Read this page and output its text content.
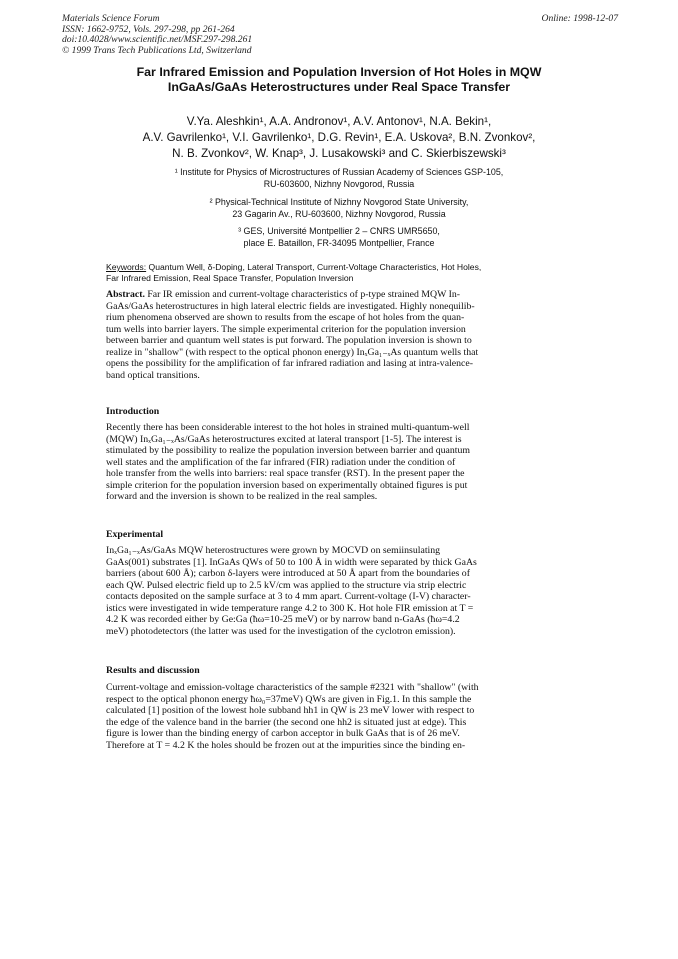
Materials Science Forum
ISSN: 1662-9752, Vols. 297-298, pp 261-264
doi:10.4028/www.scientific.net/MSF.297-298.261
© 1999 Trans Tech Publications Ltd, Switzerland
Online: 1998-12-07
Far Infrared Emission and Population Inversion of Hot Holes in MQW
InGaAs/GaAs Heterostructures under Real Space Transfer
V.Ya. Aleshkin¹, A.A. Andronov¹, A.V. Antonov¹, N.A. Bekin¹,
A.V. Gavrilenko¹, V.I. Gavrilenko¹, D.G. Revin¹, E.A. Uskova², B.N. Zvonkov²,
N. B. Zvonkov², W. Knap³, J. Lusakowski³ and C. Skierbiszewski³
¹ Institute for Physics of Microstructures of Russian Academy of Sciences GSP-105,
RU-603600, Nizhny Novgorod, Russia
² Physical-Technical Institute of Nizhny Novgorod State University,
23 Gagarin Av., RU-603600, Nizhny Novgorod, Russia
³ GES, Université Montpellier 2 – CNRS UMR5650,
place E. Bataillon, FR-34095 Montpellier, France
Keywords: Quantum Well, δ-Doping, Lateral Transport, Current-Voltage Characteristics, Hot Holes,
Far Infrared Emission, Real Space Transfer, Population Inversion
Abstract. Far IR emission and current-voltage characteristics of p-type strained MQW In-
GaAs/GaAs heterostructures in high lateral electric fields are investigated. Highly nonequilib-
rium phenomena observed are shown to results from the escape of hot holes from the quan-
tum wells into barrier layers. The simple experimental criterion for the population inversion
between barrier and quantum well states is put forward. The population inversion is shown to
realize in "shallow" (with respect to the optical phonon energy) InₓGa₁₋ₓAs quantum wells that
opens the possibility for the amplification of far infrared radiation and lasing at intra-valence-
band optical transitions.
Introduction
Recently there has been considerable interest to the hot holes in strained multi-quantum-well
(MQW) InₓGa₁₋ₓAs/GaAs heterostructures excited at lateral transport [1-5]. The interest is
stimulated by the possibility to realize the population inversion between barrier and quantum
well states and the amplification of the far infrared (FIR) radiation under the condition of
hole transfer from the wells into barriers: real space transfer (RST). In the present paper the
simple criterion for the population inversion based on experimentally obtained figures is put
forward and the inversion is shown to be realized in the real samples.
Experimental
InₓGa₁₋ₓAs/GaAs MQW heterostructures were grown by MOCVD on semiinsulating
GaAs(001) substrates [1]. InGaAs QWs of 50 to 100 Å in width were separated by thick GaAs
barriers (about 600 Å); carbon δ-layers were introduced at 50 Å apart from the boundaries of
each QW. Pulsed electric field up to 2.5 kV/cm was applied to the structure via strip electric
contacts deposited on the sample surface at 3 to 4 mm apart. Current-voltage (I-V) character-
istics were investigated in wide temperature range 4.2 to 300 K. Hot hole FIR emission at T =
4.2 K was recorded either by Ge:Ga (ħω=10-25 meV) or by narrow band n-GaAs (ħω=4.2
meV) photodetectors (the latter was used for the investigation of the cyclotron emission).
Results and discussion
Current-voltage and emission-voltage characteristics of the sample #2321 with "shallow" (with
respect to the optical phonon energy ħω₀=37meV) QWs are given in Fig.1. In this sample the
calculated [1] position of the lowest hole subband hh1 in QW is 23 meV lower with respect to
the edge of the valence band in the barrier (the second one hh2 is situated just at edge). This
figure is lower than the binding energy of carbon acceptor in bulk GaAs that is of 26 meV.
Therefore at T = 4.2 K the holes should be frozen out at the impurities since the binding en-
